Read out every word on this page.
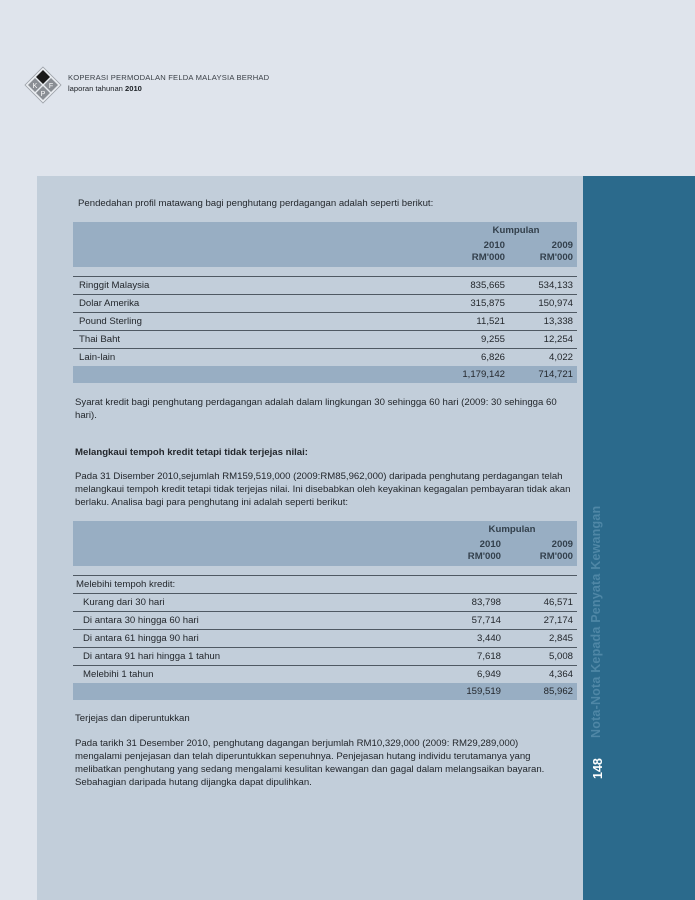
K F
P
KOPERASI PERMODALAN FELDA MALAYSIA BERHAD
laporan tahunan 2010
Nota-Nota Kepada Penyata Kewangan
148
Pendedahan profil matawang bagi penghutang perdagangan adalah seperti berikut:
	Kumpulan	
	2010	2009
	RM'000	RM'000

Ringgit Malaysia	835,665	534,133
Dolar Amerika	315,875	150,974
Pound Sterling	11,521	13,338
Thai Baht	9,255	12,254
Lain-lain	6,826	4,022
	1,179,142	714,721
Syarat kredit bagi penghutang perdagangan adalah dalam lingkungan 30 sehingga 60 hari (2009: 30 sehingga 60 hari).
Melangkaui tempoh kredit tetapi tidak terjejas nilai:
Pada 31 Disember 2010,sejumlah RM159,519,000 (2009:RM85,962,000) daripada penghutang perdagangan telah melangkaui tempoh kredit tetapi tidak terjejas nilai. Ini disebabkan oleh keyakinan kegagalan pembayaran tidak akan berlaku. Analisa bagi para penghutang ini adalah seperti berikut:
	Kumpulan	
	2010	2009
	RM'000	RM'000

Melebihi tempoh kredit:		
Kurang dari 30 hari	83,798	46,571
Di antara 30 hingga 60 hari	57,714	27,174
Di antara 61 hingga 90 hari	3,440	2,845
Di antara 91 hari hingga 1 tahun	7,618	5,008
Melebihi 1 tahun	6,949	4,364
	159,519	85,962
Terjejas dan diperuntukkan
Pada tarikh 31 Desember 2010, penghutang dagangan berjumlah RM10,329,000 (2009: RM29,289,000) mengalami penjejasan dan telah diperuntukkan sepenuhnya. Penjejasan hutang individu terutamanya yang melibatkan penghutang yang sedang mengalami kesulitan kewangan dan gagal dalam melangsaikan bayaran. Sebahagian daripada hutang dijangka dapat dipulihkan.
